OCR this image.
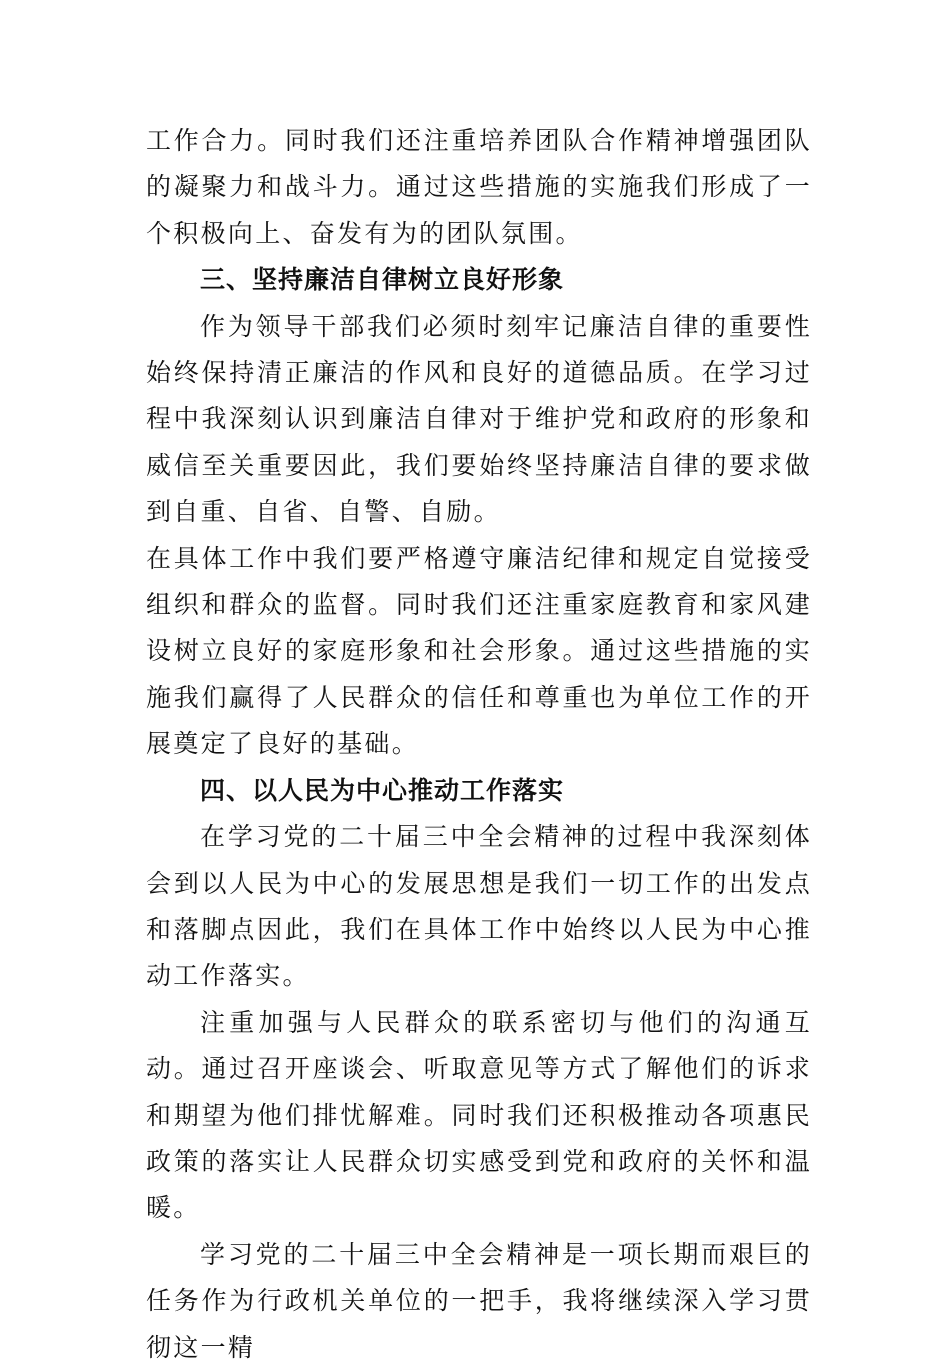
工作合力。同时我们还注重培养团队合作精神增强团队的凝聚力和战斗力。通过这些措施的实施我们形成了一个积极向上、奋发有为的团队氛围。

三、坚持廉洁自律树立良好形象

作为领导干部我们必须时刻牢记廉洁自律的重要性始终保持清正廉洁的作风和良好的道德品质。在学习过程中我深刻认识到廉洁自律对于维护党和政府的形象和威信至关重要因此，我们要始终坚持廉洁自律的要求做到自重、自省、自警、自励。

在具体工作中我们要严格遵守廉洁纪律和规定自觉接受组织和群众的监督。同时我们还注重家庭教育和家风建设树立良好的家庭形象和社会形象。通过这些措施的实施我们赢得了人民群众的信任和尊重也为单位工作的开展奠定了良好的基础。

四、以人民为中心推动工作落实

在学习党的二十届三中全会精神的过程中我深刻体会到以人民为中心的发展思想是我们一切工作的出发点和落脚点因此，我们在具体工作中始终以人民为中心推动工作落实。

注重加强与人民群众的联系密切与他们的沟通互动。通过召开座谈会、听取意见等方式了解他们的诉求和期望为他们排忧解难。同时我们还积极推动各项惠民政策的落实让人民群众切实感受到党和政府的关怀和温暖。

学习党的二十届三中全会精神是一项长期而艰巨的任务作为行政机关单位的一把手，我将继续深入学习贯彻这一精
